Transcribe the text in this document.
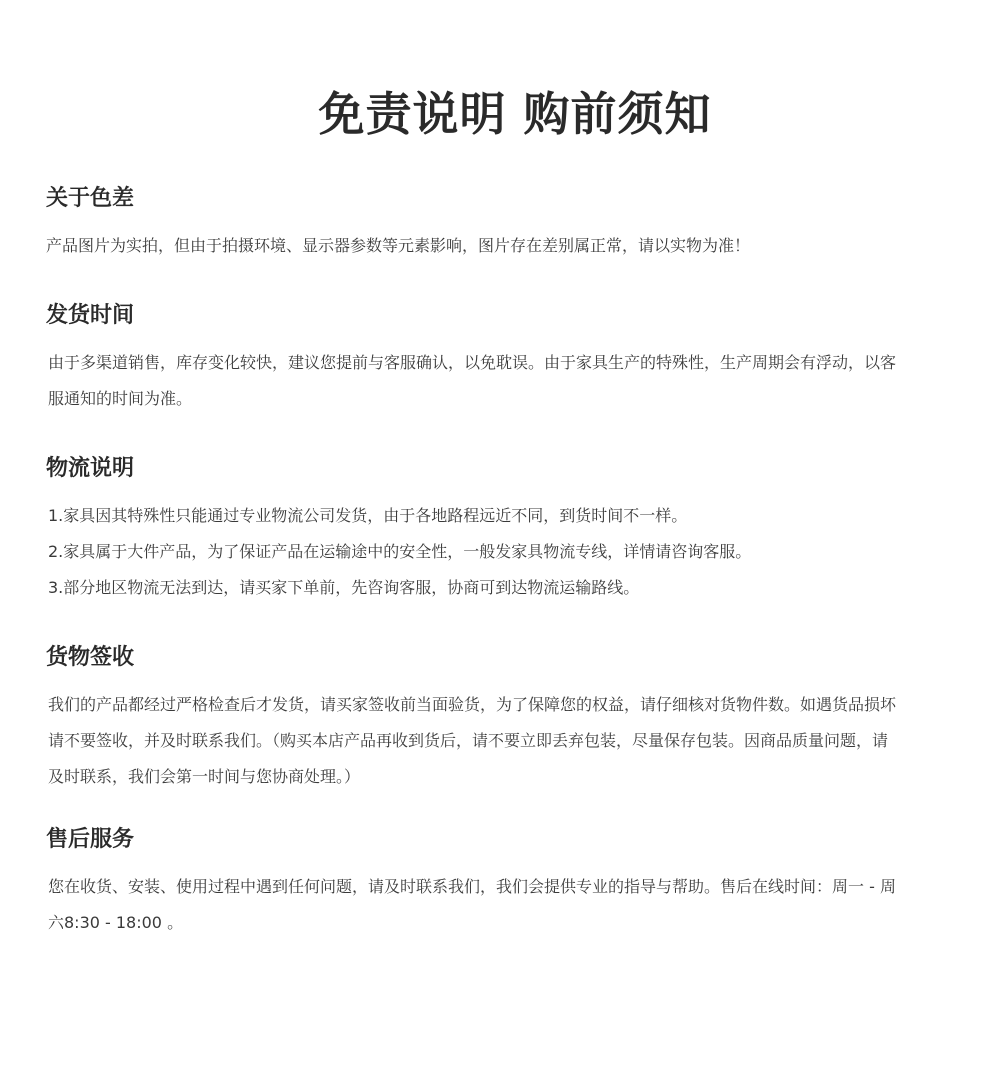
免责说明 购前须知
关于色差
产品图片为实拍，但由于拍摄环境、显示器参数等元素影响，图片存在差别属正常，请以实物为准！
发货时间
由于多渠道销售，库存变化较快，建议您提前与客服确认，以免耽误。由于家具生产的特殊性，生产周期会有浮动，以客
服通知的时间为准。
物流说明
1.家具因其特殊性只能通过专业物流公司发货，由于各地路程远近不同，到货时间不一样。
2.家具属于大件产品，为了保证产品在运输途中的安全性，一般发家具物流专线，详情请咨询客服。
3.部分地区物流无法到达，请买家下单前，先咨询客服，协商可到达物流运输路线。
货物签收
我们的产品都经过严格检查后才发货，请买家签收前当面验货，为了保障您的权益，请仔细核对货物件数。如遇货品损坏
请不要签收，并及时联系我们。（购买本店产品再收到货后，请不要立即丢弃包装，尽量保存包装。因商品质量问题，请
及时联系，我们会第一时间与您协商处理。）
售后服务
您在收货、安装、使用过程中遇到任何问题，请及时联系我们，我们会提供专业的指导与帮助。售后在线时间：周一 - 周
六8:30 - 18:00 。
